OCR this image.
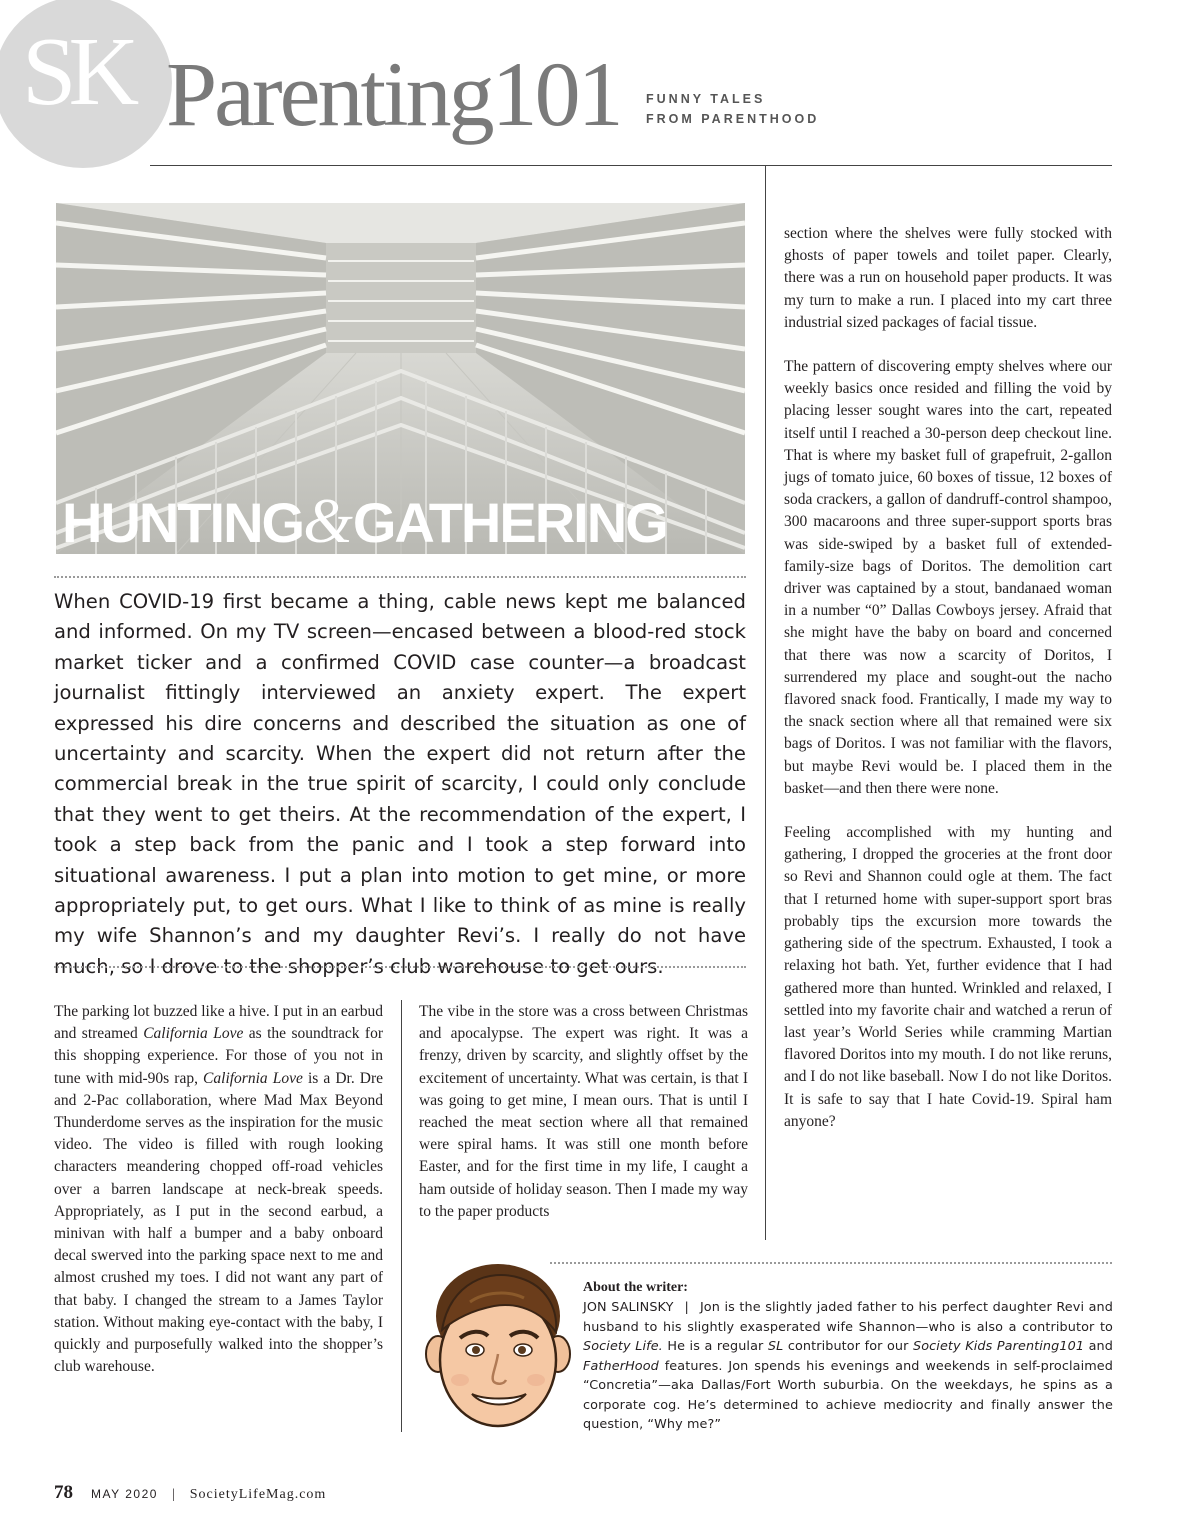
SK Parenting101 FUNNY TALES
FROM PARENTHOOD
HUNTING&GATHERING

When COVID-19 first became a thing, cable news kept me balanced and informed. On my TV screen—encased between a blood-red stock market ticker and a confirmed COVID case counter—a broadcast journalist fittingly interviewed an anxiety expert. The expert expressed his dire concerns and described the situation as one of uncertainty and scarcity. When the expert did not return after the commercial break in the true spirit of scarcity, I could only conclude that they went to get theirs. At the recommendation of the expert, I took a step back from the panic and I took a step forward into situational awareness. I put a plan into motion to get mine, or more appropriately put, to get ours. What I like to think of as mine is really my wife Shannon’s and my daughter Revi’s. I really do not have much, so I drove to the shopper’s club warehouse to get ours.

The parking lot buzzed like a hive. I put in an earbud and streamed California Love as the soundtrack for this shopping experience. For those of you not in tune with mid-90s rap, California Love is a Dr. Dre and 2-Pac collaboration, where Mad Max Beyond Thunderdome serves as the inspiration for the music video. The video is filled with rough looking characters meandering chopped off-road vehicles over a barren landscape at neck-break speeds. Appropriately, as I put in the second earbud, a minivan with half a bumper and a baby onboard decal swerved into the parking space next to me and almost crushed my toes. I did not want any part of that baby. I changed the stream to a James Taylor station. Without making eye-contact with the baby, I quickly and purposefully walked into the shopper’s club warehouse.

The vibe in the store was a cross between Christmas and apocalypse. The expert was right. It was a frenzy, driven by scarcity, and slightly offset by the excitement of uncertainty. What was certain, is that I was going to get mine, I mean ours. That is until I reached the meat section where all that remained were spiral hams. It was still one month before Easter, and for the first time in my life, I caught a ham outside of holiday season. Then I made my way to the paper products

section where the shelves were fully stocked with ghosts of paper towels and toilet paper. Clearly, there was a run on household paper products. It was my turn to make a run. I placed into my cart three industrial sized packages of facial tissue.

The pattern of discovering empty shelves where our weekly basics once resided and filling the void by placing lesser sought wares into the cart, repeated itself until I reached a 30-person deep checkout line. That is where my basket full of grapefruit, 2-gallon jugs of tomato juice, 60 boxes of tissue, 12 boxes of soda crackers, a gallon of dandruff-control shampoo, 300 macaroons and three super-support sports bras was side-swiped by a basket full of extended-family-size bags of Doritos. The demolition cart driver was captained by a stout, bandanaed woman in a number “0” Dallas Cowboys jersey. Afraid that she might have the baby on board and concerned that there was now a scarcity of Doritos, I surrendered my place and sought-out the nacho flavored snack food. Frantically, I made my way to the snack section where all that remained were six bags of Doritos. I was not familiar with the flavors, but maybe Revi would be. I placed them in the basket—and then there were none.

Feeling accomplished with my hunting and gathering, I dropped the groceries at the front door so Revi and Shannon could ogle at them. The fact that I returned home with super-support sport bras probably tips the excursion more towards the gathering side of the spectrum. Exhausted, I took a relaxing hot bath. Yet, further evidence that I had gathered more than hunted. Wrinkled and relaxed, I settled into my favorite chair and watched a rerun of last year’s World Series while cramming Martian flavored Doritos into my mouth. I do not like reruns, and I do not like baseball. Now I do not like Doritos. It is safe to say that I hate Covid-19. Spiral ham anyone?

About the writer:

JON SALINSKY | Jon is the slightly jaded father to his perfect daughter Revi and husband to his slightly exasperated wife Shannon—who is also a contributor to Society Life. He is a regular SL contributor for our Society Kids Parenting101 and FatherHood features. Jon spends his evenings and weekends in self-proclaimed “Concretia”—aka Dallas/Fort Worth suburbia. On the weekdays, he spins as a corporate cog. He’s determined to achieve mediocrity and finally answer the question, “Why me?”

78 MAY 2020 | SocietyLifeMag.com
